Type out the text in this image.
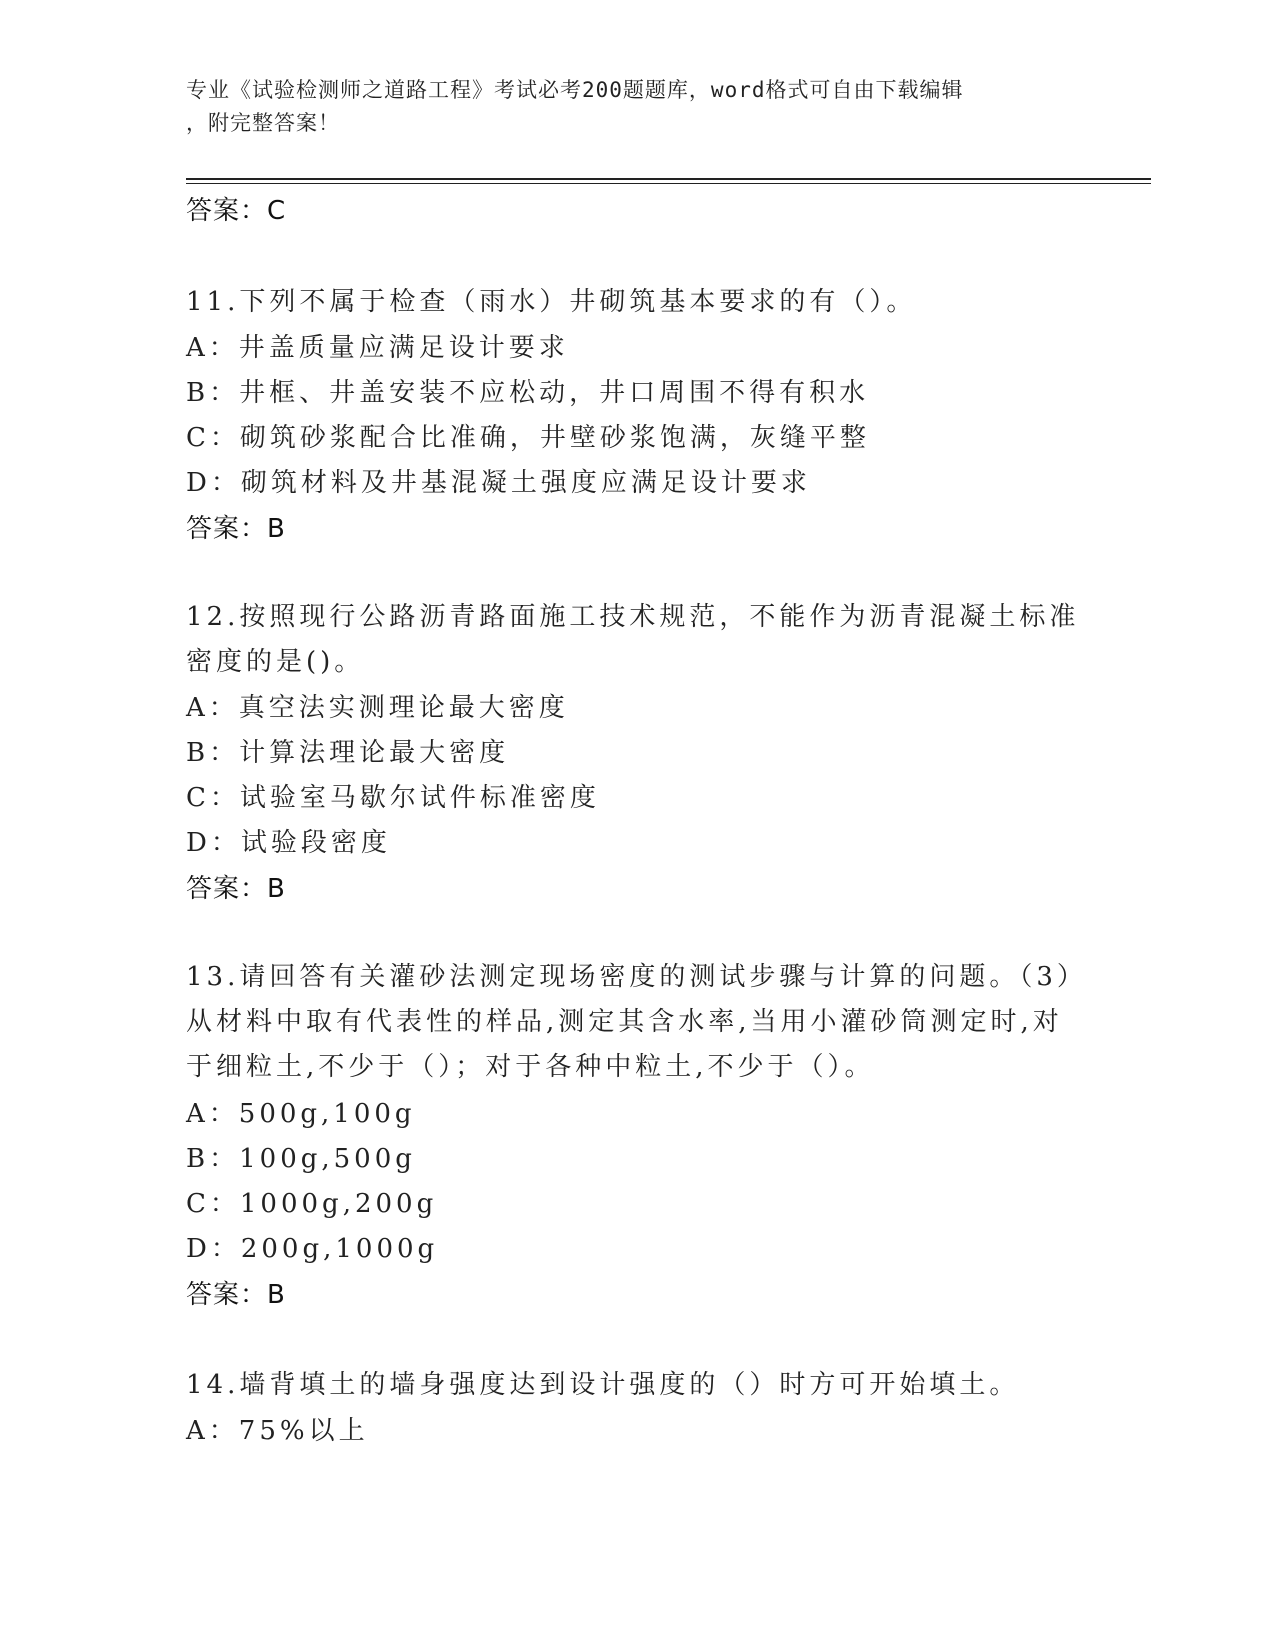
专业《试验检测师之道路工程》考试必考200题题库，word格式可自由下载编辑
，附完整答案！
答案：C
11.下列不属于检查（雨水）井砌筑基本要求的有（）。
A：井盖质量应满足设计要求
B：井框、井盖安装不应松动，井口周围不得有积水
C：砌筑砂浆配合比准确，井壁砂浆饱满，灰缝平整
D：砌筑材料及井基混凝土强度应满足设计要求
答案：B
12.按照现行公路沥青路面施工技术规范，不能作为沥青混凝土标准密度的是()。
A：真空法实测理论最大密度
B：计算法理论最大密度
C：试验室马歇尔试件标准密度
D：试验段密度
答案：B
13.请回答有关灌砂法测定现场密度的测试步骤与计算的问题。（3）从材料中取有代表性的样品,测定其含水率,当用小灌砂筒测定时,对于细粒土,不少于（）；对于各种中粒土,不少于（）。
A：500g,100g
B：100g,500g
C：1000g,200g
D：200g,1000g
答案：B
14.墙背填土的墙身强度达到设计强度的（）时方可开始填土。
A：75%以上
